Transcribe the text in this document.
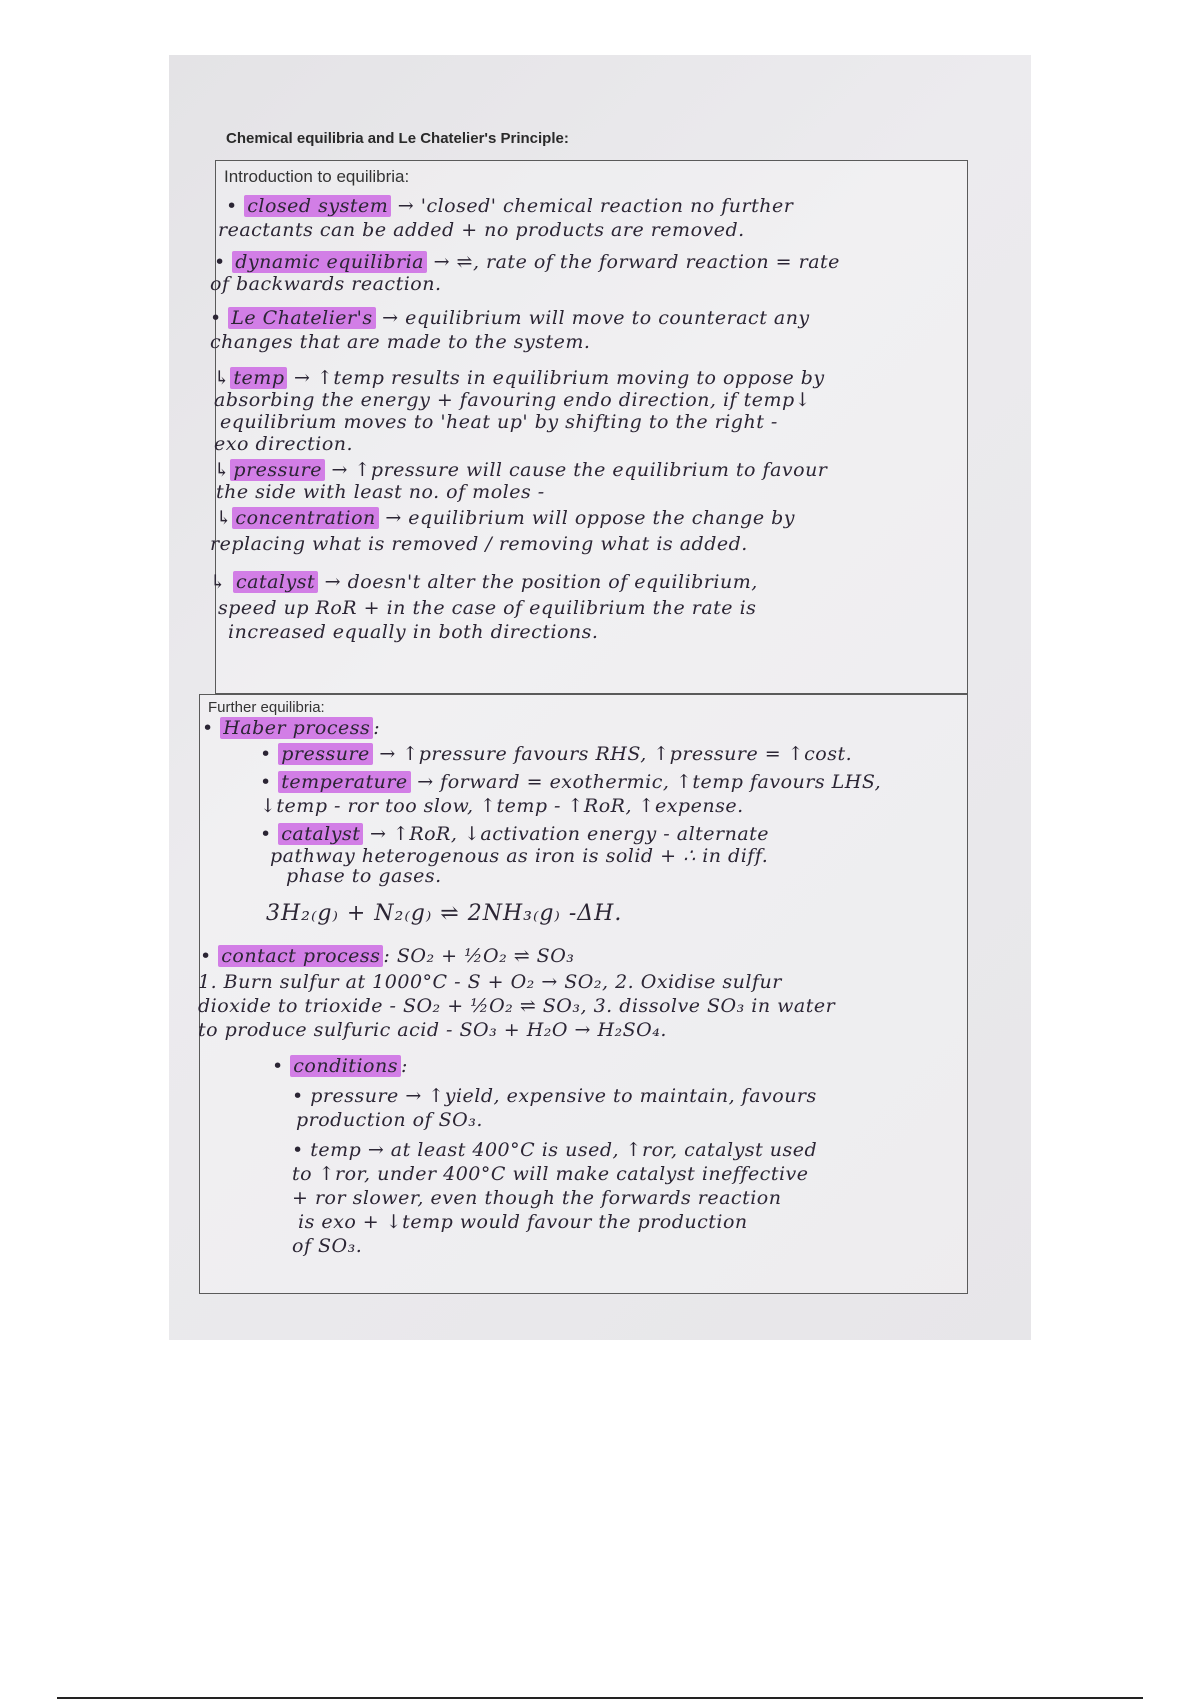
Chemical equilibria and Le Chatelier's Principle:
Introduction to equilibria:
• closed system → 'closed' chemical reaction no further
reactants can be added + no products are removed.
• dynamic equilibria → ⇌, rate of the forward reaction = rate
of backwards reaction.
• Le Chatelier's → equilibrium will move to counteract any
changes that are made to the system.
↳ temp → ↑temp results in equilibrium moving to oppose by
absorbing the energy + favouring endo direction, if temp↓
equilibrium moves to 'heat up' by shifting to the right -
exo direction.
↳ pressure → ↑pressure will cause the equilibrium to favour
the side with least no. of moles -
↳ concentration → equilibrium will oppose the change by
replacing what is removed / removing what is added.
↳ catalyst → doesn't alter the position of equilibrium,
speed up RoR + in the case of equilibrium the rate is
increased equally in both directions.
Further equilibria:
• Haber process :
• pressure → ↑pressure favours RHS, ↑pressure = ↑cost.
• temperature → forward = exothermic, ↑temp favours LHS,
↓temp - ror too slow, ↑temp - ↑RoR, ↑expense.
• catalyst → ↑RoR, ↓activation energy - alternate
pathway heterogenous as iron is solid + ∴ in diff.
phase to gases.
3H₂₍g₎ + N₂₍g₎ ⇌ 2NH₃₍g₎ -ΔH.
• contact process : SO₂ + ½O₂ ⇌ SO₃
1. Burn sulfur at 1000°C - S + O₂ → SO₂, 2. Oxidise sulfur
dioxide to trioxide - SO₂ + ½O₂ ⇌ SO₃, 3. dissolve SO₃ in water
to produce sulfuric acid - SO₃ + H₂O → H₂SO₄.
• conditions :
• pressure → ↑yield, expensive to maintain, favours
production of SO₃.
• temp → at least 400°C is used, ↑ror, catalyst used
to ↑ror, under 400°C will make catalyst ineffective
+ ror slower, even though the forwards reaction
is exo + ↓temp would favour the production
of SO₃.
